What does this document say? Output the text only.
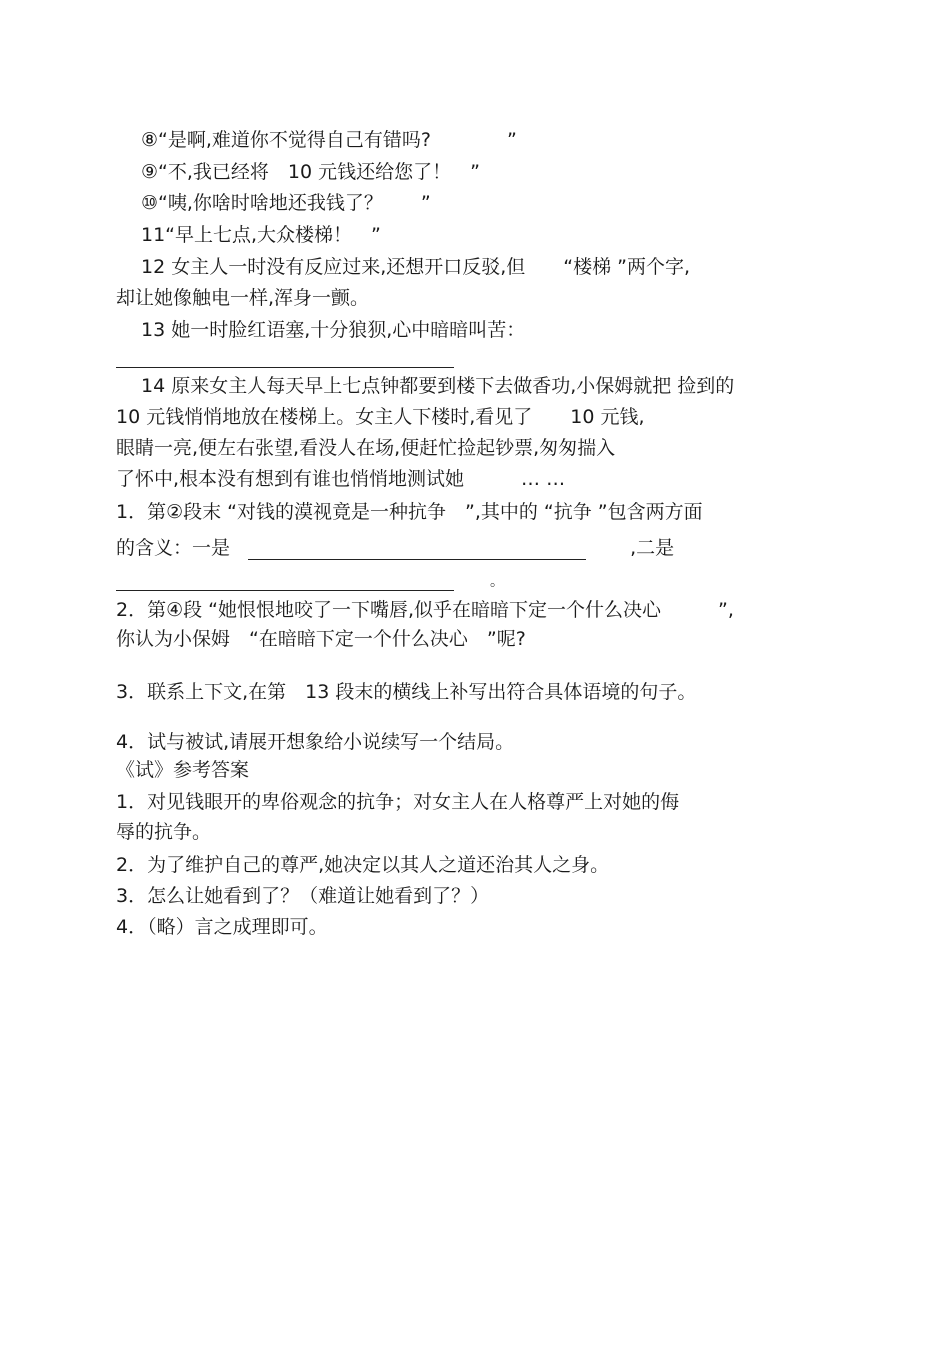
⑧“是啊,难道你不觉得自己有错吗?　　　　”
⑨“不,我已经将　10 元钱还给您了！　”
⑩“咦,你啥时啥地还我钱了？　　”
11“早上七点,大众楼梯！　”
12 女主人一时没有反应过来,还想开口反驳,但　　“楼梯 ”两个字,
却让她像触电一样,浑身一颤。
13 她一时脸红语塞,十分狼狈,心中暗暗叫苦：
14 原来女主人每天早上七点钟都要到楼下去做香功,小保姆就把 捡到的
10 元钱悄悄地放在楼梯上。女主人下楼时,看见了　　10 元钱,
眼睛一亮,便左右张望,看没人在场,便赶忙捡起钞票,匆匆揣入
了怀中,根本没有想到有谁也悄悄地测试她　　　… …
1．第②段末 “对钱的漠视竟是一种抗争　”,其中的 “抗争 ”包含两方面
的含义：一是	,二是
。
2．第④段 “她恨恨地咬了一下嘴唇,似乎在暗暗下定一个什么决心　　　”,
你认为小保姆　“在暗暗下定一个什么决心　”呢?
3．联系上下文,在第　13 段末的横线上补写出符合具体语境的句子。
4．试与被试,请展开想象给小说续写一个结局。
《试》参考答案
1．对见钱眼开的卑俗观念的抗争；对女主人在人格尊严上对她的侮
辱的抗争。
2．为了维护自己的尊严,她决定以其人之道还治其人之身。
3．怎么让她看到了？（难道让她看到了？）
4．（略）言之成理即可。
